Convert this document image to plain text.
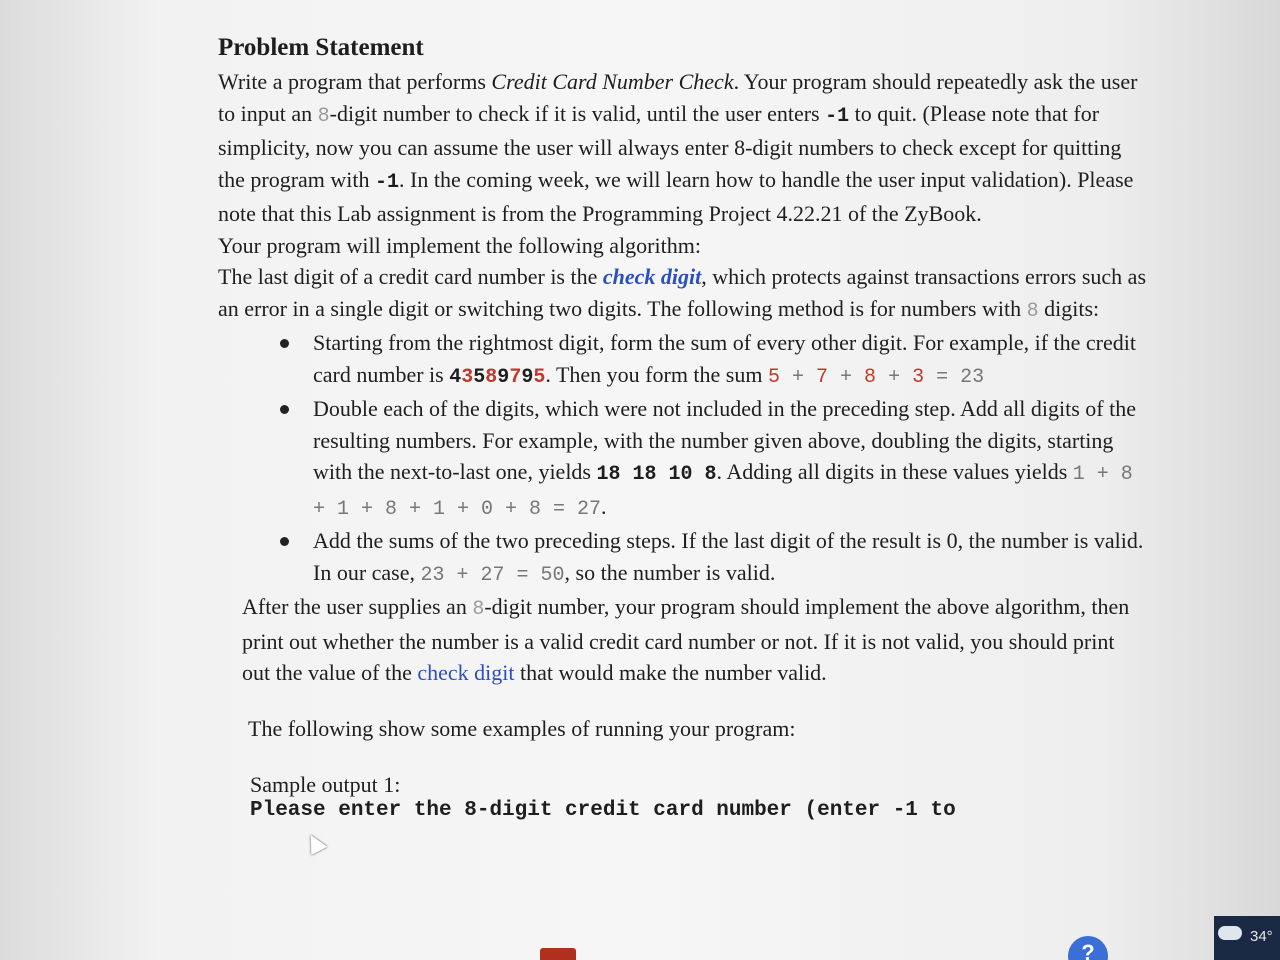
Problem Statement

Write a program that performs Credit Card Number Check. Your program should repeatedly ask the user to input an 8-digit number to check if it is valid, until the user enters -1 to quit. (Please note that for simplicity, now you can assume the user will always enter 8-digit numbers to check except for quitting the program with -1. In the coming week, we will learn how to handle the user input validation). Please note that this Lab assignment is from the Programming Project 4.22.21 of the ZyBook.

Your program will implement the following algorithm:

The last digit of a credit card number is the check digit, which protects against transactions errors such as an error in a single digit or switching two digits. The following method is for numbers with 8 digits:

Starting from the rightmost digit, form the sum of every other digit. For example, if the credit card number is 43589795. Then you form the sum 5 + 7 + 8 + 3 = 23
Double each of the digits, which were not included in the preceding step. Add all digits of the resulting numbers. For example, with the number given above, doubling the digits, starting with the next-to-last one, yields 18 18 10 8. Adding all digits in these values yields 1 + 8 + 1 + 8 + 1 + 0 + 8 = 27.
Add the sums of the two preceding steps. If the last digit of the result is 0, the number is valid. In our case, 23 + 27 = 50, so the number is valid.

After the user supplies an 8-digit number, your program should implement the above algorithm, then print out whether the number is a valid credit card number or not. If it is not valid, you should print out the value of the check digit that would make the number valid.

The following show some examples of running your program:

Sample output 1:
Please enter the 8-digit credit card number (enter -1 to
?
34°
